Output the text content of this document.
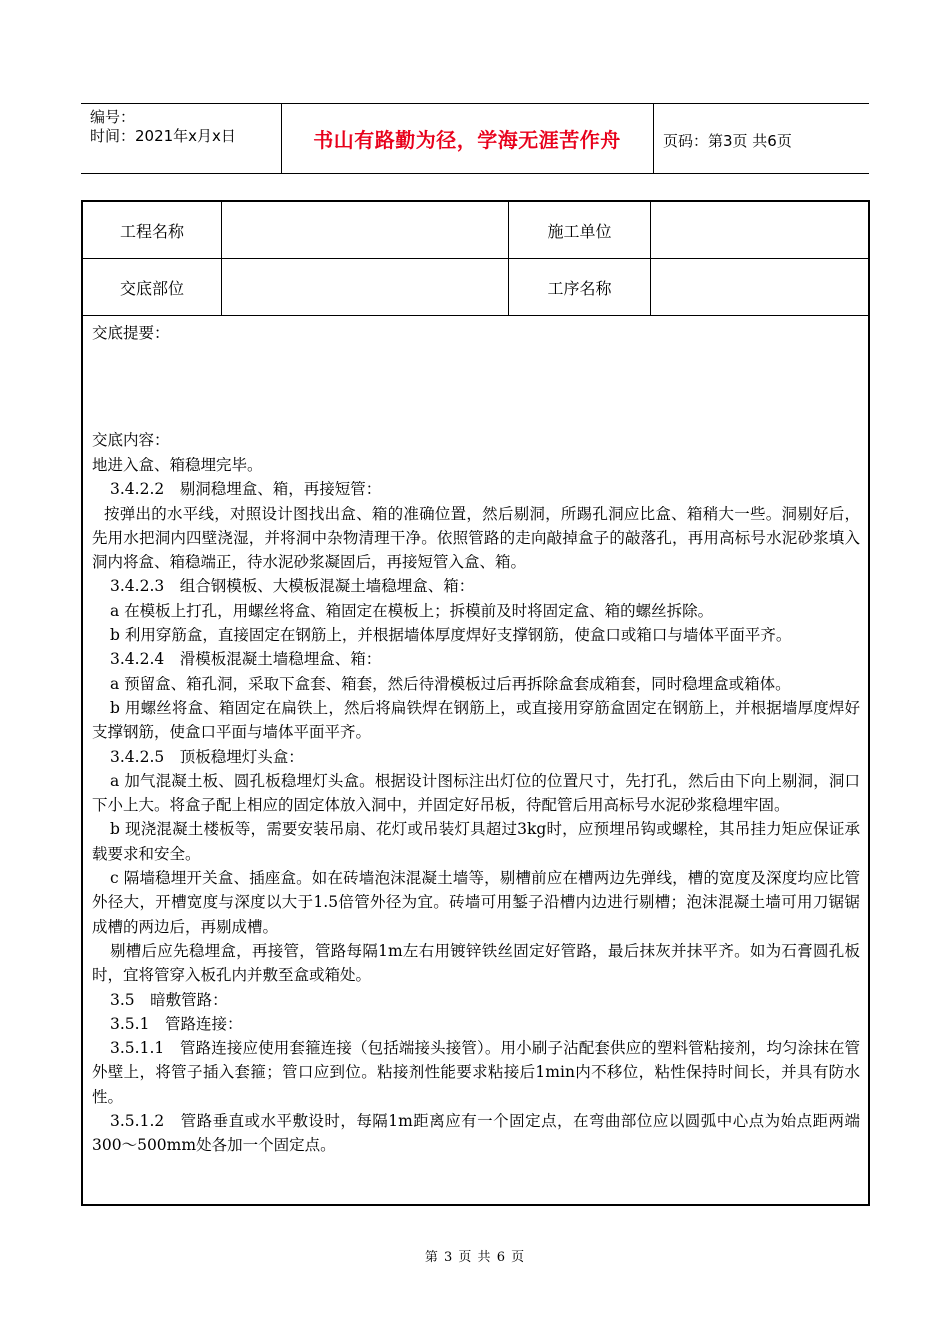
编号：
时间：2021年x月x日	书山有路勤为径，学海无涯苦作舟	页码：第3页 共6页
工程名称	施工单位
交底部位	工序名称
交底提要：
交底内容：

地进入盒、箱稳埋完毕。

3.4.2.2　剔洞稳埋盒、箱，再接短管：

按弹出的水平线，对照设计图找出盒、箱的准确位置，然后剔洞，所踢孔洞应比盒、箱稍大一些。洞剔好后，先用水把洞内四壁浇湿，并将洞中杂物清理干净。依照管路的走向敲掉盒子的敲落孔，再用高标号水泥砂浆填入洞内将盒、箱稳端正，待水泥砂浆凝固后，再接短管入盒、箱。

3.4.2.3　组合钢模板、大模板混凝土墙稳埋盒、箱：

a 在模板上打孔，用螺丝将盒、箱固定在模板上；拆模前及时将固定盒、箱的螺丝拆除。

b 利用穿筋盒，直接固定在钢筋上，并根据墙体厚度焊好支撑钢筋，使盒口或箱口与墙体平面平齐。

3.4.2.4　滑模板混凝土墙稳埋盒、箱：

a 预留盒、箱孔洞，采取下盒套、箱套，然后待滑模板过后再拆除盒套成箱套，同时稳埋盒或箱体。

b 用螺丝将盒、箱固定在扁铁上，然后将扁铁焊在钢筋上，或直接用穿筋盒固定在钢筋上，并根据墙厚度焊好支撑钢筋，使盒口平面与墙体平面平齐。

3.4.2.5　顶板稳埋灯头盒：

a 加气混凝土板、圆孔板稳埋灯头盒。根据设计图标注出灯位的位置尺寸，先打孔，然后由下向上剔洞，洞口下小上大。将盒子配上相应的固定体放入洞中，并固定好吊板，待配管后用高标号水泥砂浆稳埋牢固。

b 现浇混凝土楼板等，需要安装吊扇、花灯或吊装灯具超过3kg时，应预埋吊钩或螺栓，其吊挂力矩应保证承载要求和安全。

c 隔墙稳埋开关盒、插座盒。如在砖墙泡沫混凝土墙等，剔槽前应在槽两边先弹线，槽的宽度及深度均应比管外径大，开槽宽度与深度以大于1.5倍管外径为宜。砖墙可用錾子沿槽内边进行剔槽；泡沫混凝土墙可用刀锯锯成槽的两边后，再剔成槽。

剔槽后应先稳埋盒，再接管，管路每隔1m左右用镀锌铁丝固定好管路，最后抹灰并抹平齐。如为石膏圆孔板时，宜将管穿入板孔内并敷至盒或箱处。

3.5　暗敷管路：

3.5.1　管路连接：

3.5.1.1　管路连接应使用套箍连接（包括端接头接管）。用小刷子沾配套供应的塑料管粘接剂，均匀涂抹在管外壁上，将管子插入套箍；管口应到位。粘接剂性能要求粘接后1min内不移位，粘性保持时间长，并具有防水性。

3.5.1.2　管路垂直或水平敷设时，每隔1m距离应有一个固定点，在弯曲部位应以圆弧中心点为始点距两端300～500mm处各加一个固定点。

第 3 页 共 6 页
